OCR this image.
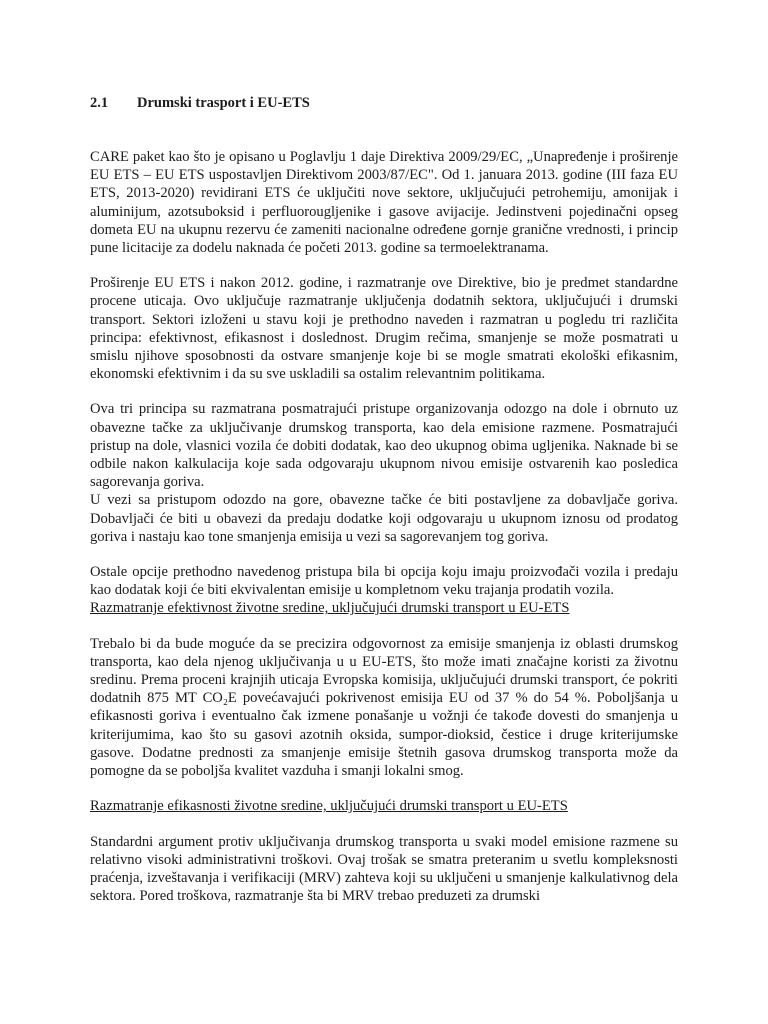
2.1 Drumski trasport i EU-ETS

CARE paket kao što je opisano u Poglavlju 1 daje Direktiva 2009/29/EC, „Unapređenje i proširenje EU ETS – EU ETS uspostavljen Direktivom 2003/87/EC". Od 1. januara 2013. godine (III faza EU ETS, 2013-2020) revidirani ETS će uključiti nove sektore, uključujući petrohemiju, amonijak i aluminijum, azotsuboksid i perfluorougljenike i gasove avijacije. Jedinstveni pojedinačni opseg dometa EU na ukupnu rezervu će zameniti nacionalne određene gornje granične vrednosti, i princip pune licitacije za dodelu naknada će početi 2013. godine sa termoelektranama.

Proširenje EU ETS i nakon 2012. godine, i razmatranje ove Direktive, bio je predmet standardne procene uticaja. Ovo uključuje razmatranje uključenja dodatnih sektora, uključujući i drumski transport. Sektori izloženi u stavu koji je prethodno naveden i razmatran u pogledu tri različita principa: efektivnost, efikasnost i doslednost. Drugim rečima, smanjenje se može posmatrati u smislu njihove sposobnosti da ostvare smanjenje koje bi se mogle smatrati ekološki efikasnim, ekonomski efektivnim i da su sve uskladili sa ostalim relevantnim politikama.

Ova tri principa su razmatrana posmatrajući pristupe organizovanja odozgo na dole i obrnuto uz obavezne tačke za uključivanje drumskog transporta, kao dela emisione razmene. Posmatrajući pristup na dole, vlasnici vozila će dobiti dodatak, kao deo ukupnog obima ugljenika. Naknade bi se odbile nakon kalkulacija koje sada odgovaraju ukupnom nivou emisije ostvarenih kao posledica sagorevanja goriva.

U vezi sa pristupom odozdo na gore, obavezne tačke će biti postavljene za dobavljače goriva. Dobavljači će biti u obavezi da predaju dodatke koji odgovaraju u ukupnom iznosu od prodatog goriva i nastaju kao tone smanjenja emisija u vezi sa sagorevanjem tog goriva.

Ostale opcije prethodno navedenog pristupa bila bi opcija koju imaju proizvođači vozila i predaju kao dodatak koji će biti ekvivalentan emisije u kompletnom veku trajanja prodatih vozila.

Razmatranje efektivnost životne sredine, uključujući drumski transport u EU-ETS

Trebalo bi da bude moguće da se precizira odgovornost za emisije smanjenja iz oblasti drumskog transporta, kao dela njenog uključivanja u u EU-ETS, što može imati značajne koristi za životnu sredinu. Prema proceni krajnjih uticaja Evropska komisija, uključujući drumski transport, će pokriti dodatnih 875 MT CO₂E povećavajući pokrivenost emisija EU od 37 % do 54 %. Poboljšanja u efikasnosti goriva i eventualno čak izmene ponašanje u vožnji će takođe dovesti do smanjenja u kriterijumima, kao što su gasovi azotnih oksida, sumpor-dioksid, čestice i druge kriterijumske gasove. Dodatne prednosti za smanjenje emisije štetnih gasova drumskog transporta može da pomogne da se poboljša kvalitet vazduha i smanji lokalni smog.

Razmatranje efikasnosti životne sredine, uključujući drumski transport u EU-ETS

Standardni argument protiv uključivanja drumskog transporta u svaki model emisione razmene su relativno visoki administrativni troškovi. Ovaj trošak se smatra preteranim u svetlu kompleksnosti praćenja, izveštavanja i verifikaciji (MRV) zahteva koji su uključeni u smanjenje kalkulativnog dela sektora. Pored troškova, razmatranje šta bi MRV trebao preduzeti za drumski
